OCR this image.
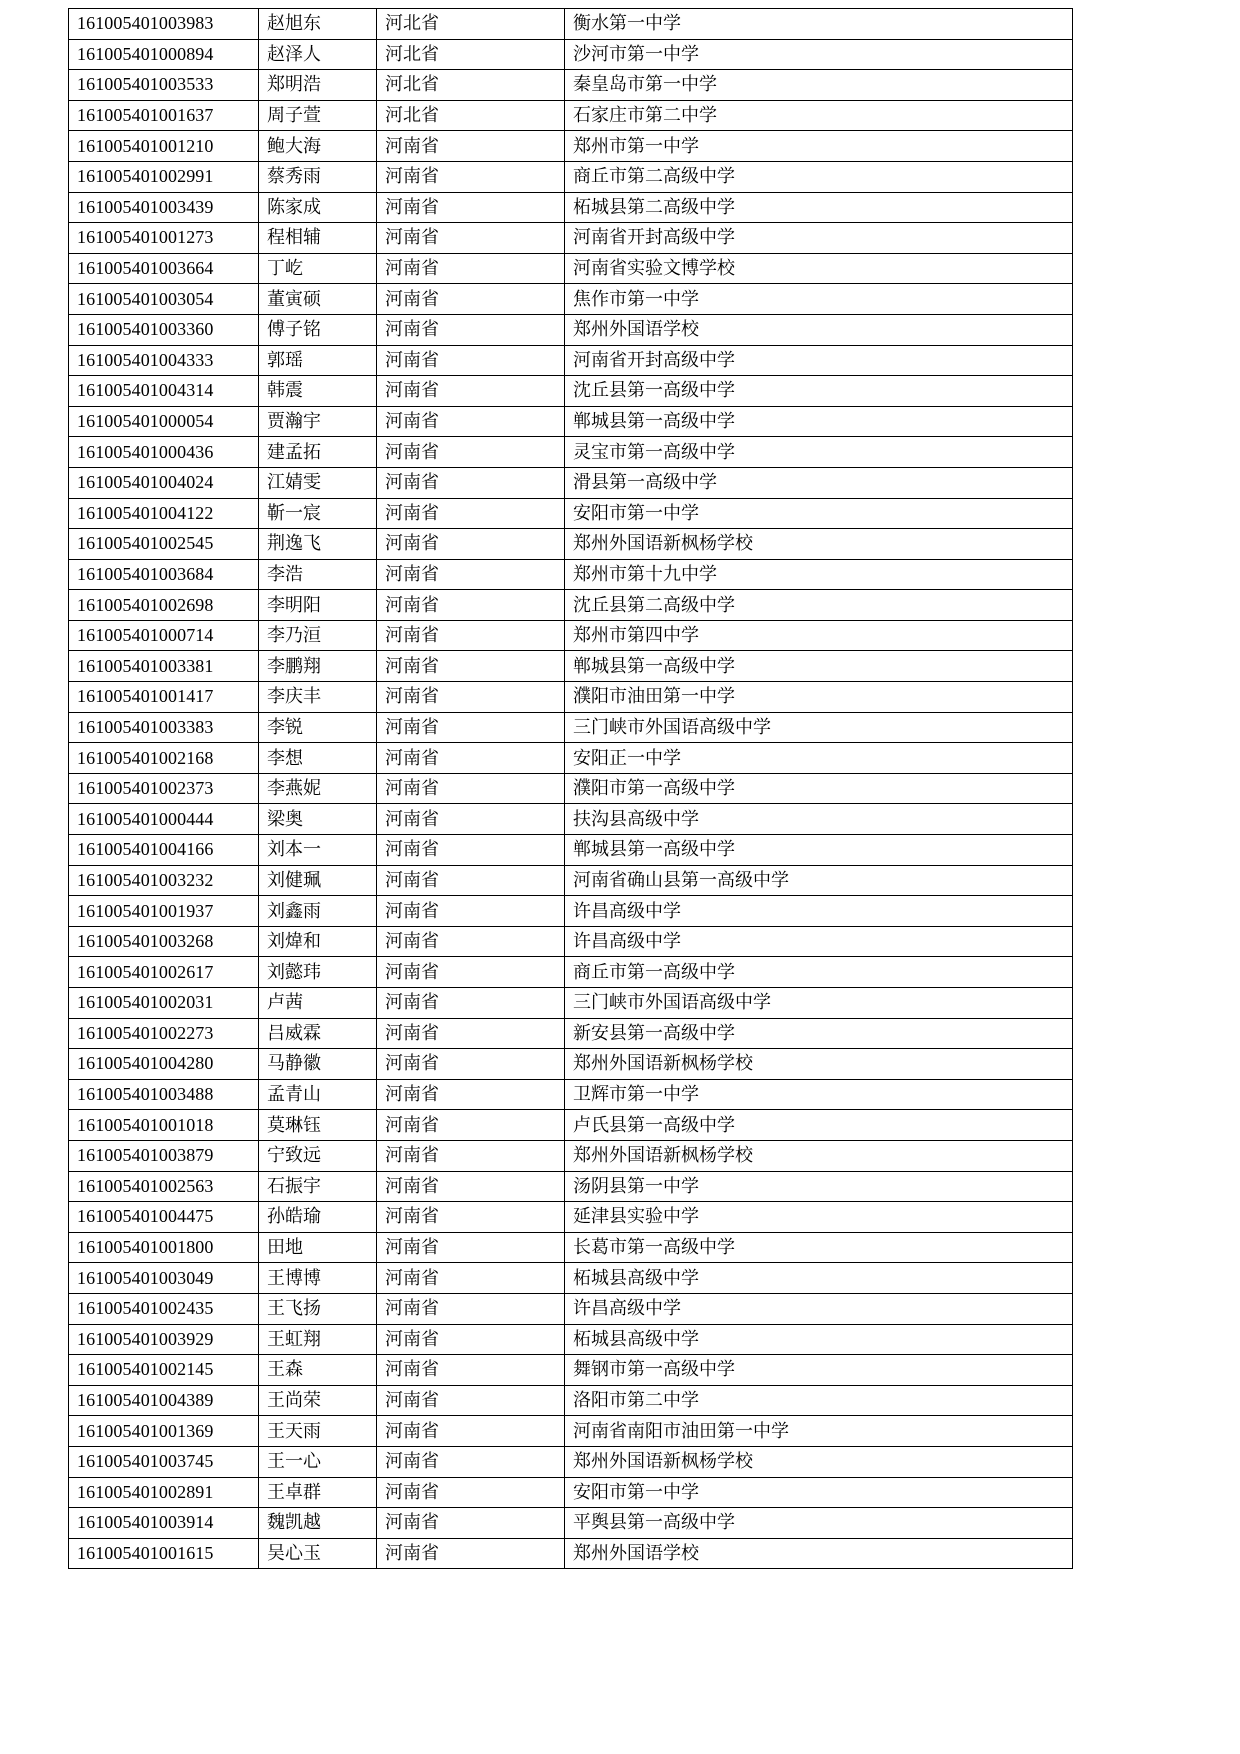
161005401003983	赵旭东	河北省	衡水第一中学
161005401000894	赵泽人	河北省	沙河市第一中学
161005401003533	郑明浩	河北省	秦皇岛市第一中学
161005401001637	周子萱	河北省	石家庄市第二中学
161005401001210	鲍大海	河南省	郑州市第一中学
161005401002991	蔡秀雨	河南省	商丘市第二高级中学
161005401003439	陈家成	河南省	柘城县第二高级中学
161005401001273	程相辅	河南省	河南省开封高级中学
161005401003664	丁屹	河南省	河南省实验文博学校
161005401003054	董寅硕	河南省	焦作市第一中学
161005401003360	傅子铭	河南省	郑州外国语学校
161005401004333	郭瑶	河南省	河南省开封高级中学
161005401004314	韩震	河南省	沈丘县第一高级中学
161005401000054	贾瀚宇	河南省	郸城县第一高级中学
161005401000436	建孟拓	河南省	灵宝市第一高级中学
161005401004024	江婧雯	河南省	滑县第一高级中学
161005401004122	靳一宸	河南省	安阳市第一中学
161005401002545	荆逸飞	河南省	郑州外国语新枫杨学校
161005401003684	李浩	河南省	郑州市第十九中学
161005401002698	李明阳	河南省	沈丘县第二高级中学
161005401000714	李乃洹	河南省	郑州市第四中学
161005401003381	李鹏翔	河南省	郸城县第一高级中学
161005401001417	李庆丰	河南省	濮阳市油田第一中学
161005401003383	李锐	河南省	三门峡市外国语高级中学
161005401002168	李想	河南省	安阳正一中学
161005401002373	李燕妮	河南省	濮阳市第一高级中学
161005401000444	梁奥	河南省	扶沟县高级中学
161005401004166	刘本一	河南省	郸城县第一高级中学
161005401003232	刘健珮	河南省	河南省确山县第一高级中学
161005401001937	刘鑫雨	河南省	许昌高级中学
161005401003268	刘煒和	河南省	许昌高级中学
161005401002617	刘懿玮	河南省	商丘市第一高级中学
161005401002031	卢茜	河南省	三门峡市外国语高级中学
161005401002273	吕威霖	河南省	新安县第一高级中学
161005401004280	马静徽	河南省	郑州外国语新枫杨学校
161005401003488	孟青山	河南省	卫辉市第一中学
161005401001018	莫琳钰	河南省	卢氏县第一高级中学
161005401003879	宁致远	河南省	郑州外国语新枫杨学校
161005401002563	石振宇	河南省	汤阴县第一中学
161005401004475	孙皓瑜	河南省	延津县实验中学
161005401001800	田地	河南省	长葛市第一高级中学
161005401003049	王博博	河南省	柘城县高级中学
161005401002435	王飞扬	河南省	许昌高级中学
161005401003929	王虹翔	河南省	柘城县高级中学
161005401002145	王森	河南省	舞钢市第一高级中学
161005401004389	王尚荣	河南省	洛阳市第二中学
161005401001369	王天雨	河南省	河南省南阳市油田第一中学
161005401003745	王一心	河南省	郑州外国语新枫杨学校
161005401002891	王卓群	河南省	安阳市第一中学
161005401003914	魏凯越	河南省	平舆县第一高级中学
161005401001615	吴心玉	河南省	郑州外国语学校
